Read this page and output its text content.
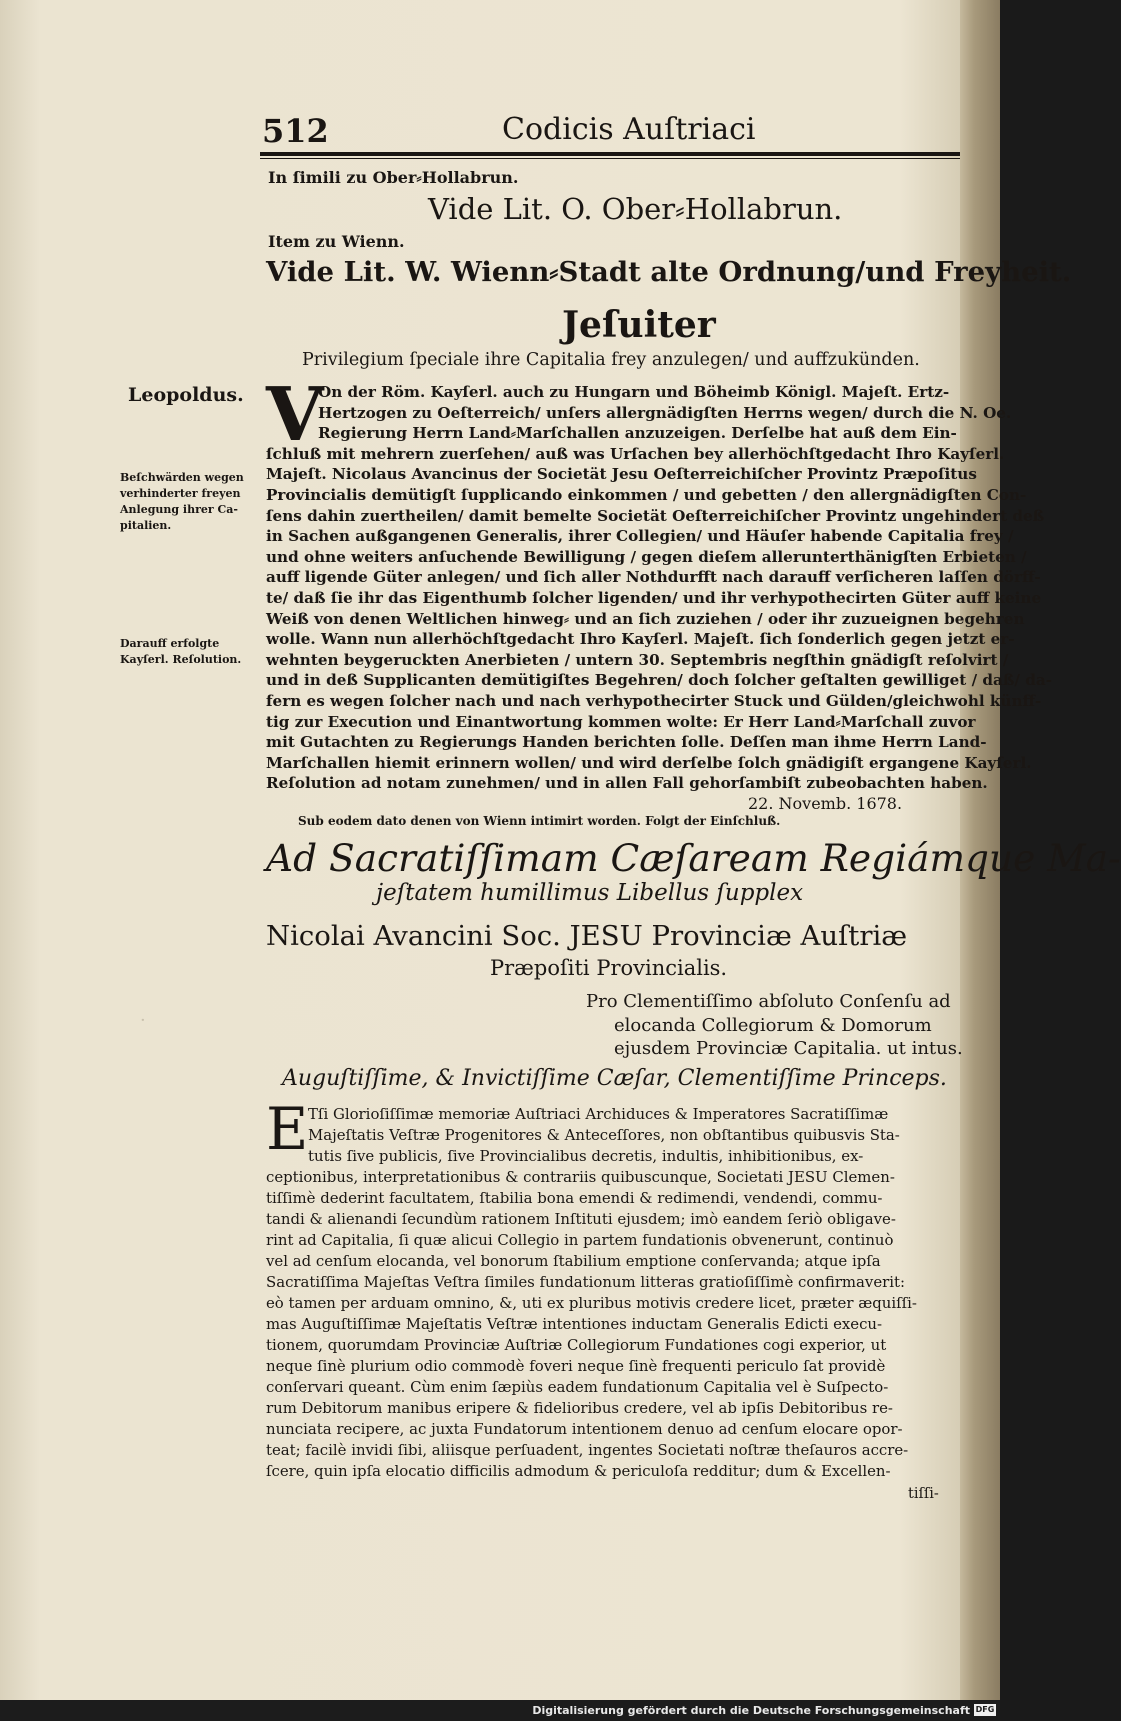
·

512	Codicis Auſtriaci

In ſimili zu Ober⸗Hollabrun.

Vide Lit. O. Ober⸗Hollabrun.

Item zu Wienn.

Vide Lit. W. Wienn⸗Stadt alte Ordnung/und Freyheit.

Jeſuiter

Privilegium ſpeciale ihre Capitalia frey anzulegen/ und auffzukünden.

Leopoldus.

Beſchwärden wegen
verhinderter freyen
Anlegung ihrer Ca-
pitalien.
Darauff erfolgte
Kayſerl. Reſolution.
V
On der Röm. Kayſerl. auch zu Hungarn und Böheimb Königl. Majeſt. Ertz-
Hertzogen zu Oeſterreich/ unſers allergnädigſten Herrns wegen/ durch die N. Oe.
Regierung Herrn Land⸗Marſchallen anzuzeigen. Derſelbe hat auß dem Ein-
ſchluß mit mehrern zuerſehen/ auß was Urſachen bey allerhöchſtgedacht Ihro Kayſerl.
Majeſt. Nicolaus Avancinus der Societät Jesu Oeſterreichiſcher Provintz Præpoſitus
Provincialis demütigſt ſupplicando einkommen / und gebetten / den allergnädigſten Con-
ſens dahin zuertheilen/ damit bemelte Societät Oeſterreichiſcher Provintz ungehindert deß
in Sachen außgangenen Generalis, ihrer Collegien/ und Häuſer habende Capitalia frey /
und ohne weiters anſuchende Bewilligung / gegen dieſem allerunterthänigſten Erbieten /
auff ligende Güter anlegen/ und ſich aller Nothdurfft nach darauff verſicheren laſſen dörff-
te/ daß ſie ihr das Eigenthumb ſolcher ligenden/ und ihr verhypothecirten Güter auff keine
Weiß von denen Weltlichen hinweg⸗ und an ſich zuziehen / oder ihr zuzueignen begehren
wolle. Wann nun allerhöchſtgedacht Ihro Kayſerl. Majeſt. ſich ſonderlich gegen jetzt er-
wehnten beygeruckten Anerbieten / untern 30. Septembris negſthin gnädigſt reſolvirt /
und in deß Supplicanten demütigiſtes Begehren/ doch ſolcher geſtalten gewilliget / daß/ da-
fern es wegen ſolcher nach und nach verhypothecirter Stuck und Gülden/gleichwohl künff-
tig zur Execution und Einantwortung kommen wolte: Er Herr Land⸗Marſchall zuvor
mit Gutachten zu Regierungs Handen berichten ſolle. Deſſen man ihme Herrn Land-
Marſchallen hiemit erinnern wollen/ und wird derſelbe ſolch gnädigiſt ergangene Kayſerl.
Reſolution ad notam zunehmen/ und in allen Fall gehorſambiſt zubeobachten haben.

22. Novemb. 1678.

Sub eodem dato denen von Wienn intimirt worden. Folgt der Einſchluß.

Ad Sacratiſſimam Cæſaream Regiámque Ma-

jeſtatem humillimus Libellus ſupplex

Nicolai Avancini Soc. JESU Provinciæ Auſtriæ

Præpoſiti Provincialis.

Pro Clementiſſimo abſoluto Conſenſu ad
elocanda Collegiorum & Domorum
ejusdem Provinciæ Capitalia. ut intus.

Auguſtiſſime, & Invictiſſime Cæſar, Clementiſſime Princeps.

E Tſi Glorioſiſſimæ memoriæ Auſtriaci Archiduces & Imperatores Sacratiſſimæ
Majeſtatis Veſtræ Progenitores & Anteceſſores, non obſtantibus quibusvis Sta-
tutis ſive publicis, ſive Provincialibus decretis, indultis, inhibitionibus, ex-
ceptionibus, interpretationibus & contrariis quibuscunque, Societati JESU Clemen-
tiſſimè dederint facultatem, ſtabilia bona emendi & redimendi, vendendi, commu-
tandi & alienandi ſecundùm rationem Inſtituti ejusdem; imò eandem ſeriò obligave-
rint ad Capitalia, ſi quæ alicui Collegio in partem fundationis obvenerunt, continuò
vel ad cenſum elocanda, vel bonorum ſtabilium emptione conſervanda; atque ipſa
Sacratiſſima Majeſtas Veſtra ſimiles fundationum litteras gratioſiſſimè confirmaverit:
eò tamen per arduam omnino, &, uti ex pluribus motivis credere licet, præter æquiſſi-
mas Auguſtiſſimæ Majeſtatis Veſtræ intentiones inductam Generalis Edicti execu-
tionem, quorumdam Provinciæ Auſtriæ Collegiorum Fundationes cogi experior, ut
neque ſinè plurium odio commodè foveri neque ſinè frequenti periculo ſat providè
conſervari queant. Cùm enim ſæpiùs eadem fundationum Capitalia vel è Suſpecto-
rum Debitorum manibus eripere & fidelioribus credere, vel ab ipſis Debitoribus re-
nunciata recipere, ac juxta Fundatorum intentionem denuo ad cenſum elocare opor-
teat; facilè invidi ſibi, aliisque perſuadent, ingentes Societati noſtræ theſauros accre-
ſcere, quin ipſa elocatio difficilis admodum & periculoſa redditur; dum & Excellen-

tiſſi-

Digitalisierung gefördert durch die Deutsche Forschungsgemeinschaft DFG
